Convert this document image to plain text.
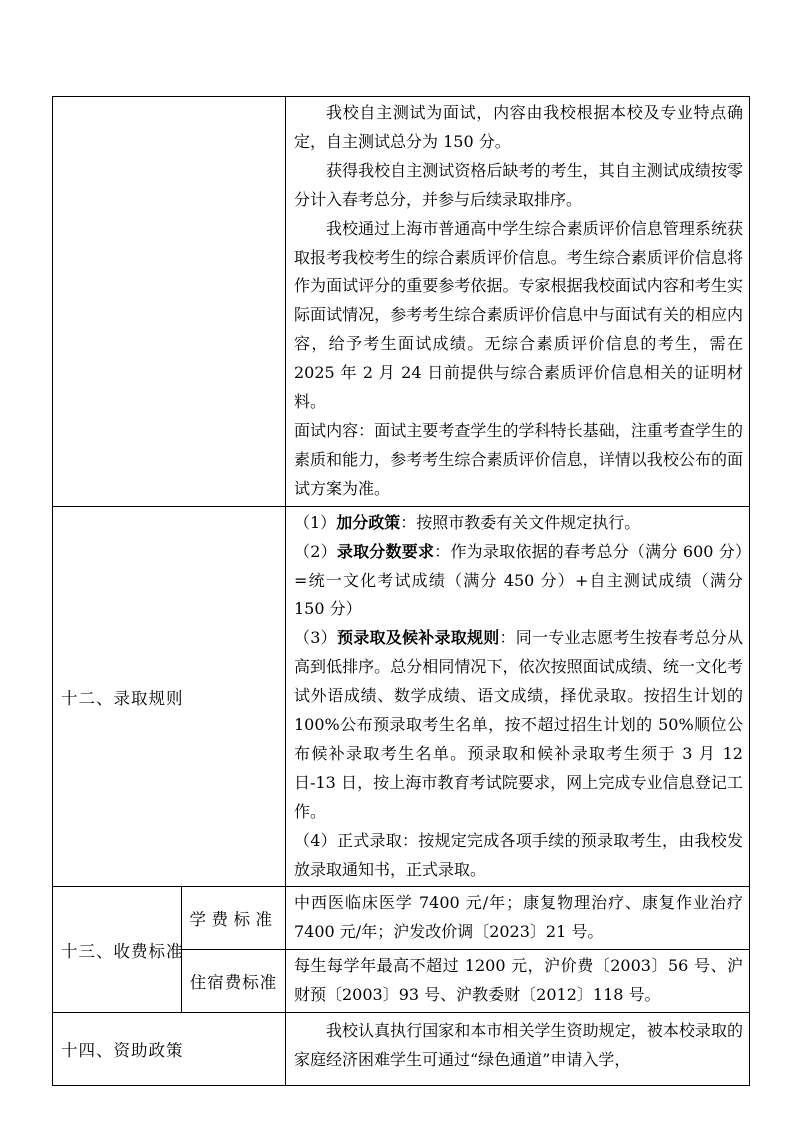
		我校自主测试为面试，内容由我校根据本校及专业特点确定，自主测试总分为 150 分。

获得我校自主测试资格后缺考的考生，其自主测试成绩按零分计入春考总分，并参与后续录取排序。

我校通过上海市普通高中学生综合素质评价信息管理系统获取报考我校考生的综合素质评价信息。考生综合素质评价信息将作为面试评分的重要参考依据。专家根据我校面试内容和考生实际面试情况，参考考生综合素质评价信息中与面试有关的相应内容，给予考生面试成绩。无综合素质评价信息的考生，需在 2025 年 2 月 24 日前提供与综合素质评价信息相关的证明材料。

面试内容：面试主要考查学生的学科特长基础，注重考查学生的素质和能力，参考考生综合素质评价信息，详情以我校公布的面试方案为准。

十二、录取规则		（1）加分政策：按照市教委有关文件规定执行。

（2）录取分数要求：作为录取依据的春考总分（满分 600 分）=统一文化考试成绩（满分 450 分）+自主测试成绩（满分 150 分）

（3）预录取及候补录取规则：同一专业志愿考生按春考总分从高到低排序。总分相同情况下，依次按照面试成绩、统一文化考试外语成绩、数学成绩、语文成绩，择优录取。按招生计划的 100%公布预录取考生名单，按不超过招生计划的 50%顺位公布候补录取考生名单。预录取和候补录取考生须于 3 月 12 日-13 日，按上海市教育考试院要求，网上完成专业信息登记工作。

（4）正式录取：按规定完成各项手续的预录取考生，由我校发放录取通知书，正式录取。

十三、收费标准	学费标准	中西医临床医学 7400 元/年；康复物理治疗、康复作业治疗 7400 元/年；沪发改价调〔2023〕21 号。

	住宿费标准	每生每学年最高不超过 1200 元，沪价费〔2003〕56 号、沪财预〔2003〕93 号、沪教委财〔2012〕118 号。

十四、资助政策		我校认真执行国家和本市相关学生资助规定，被本校录取的家庭经济困难学生可通过“绿色通道”申请入学，
